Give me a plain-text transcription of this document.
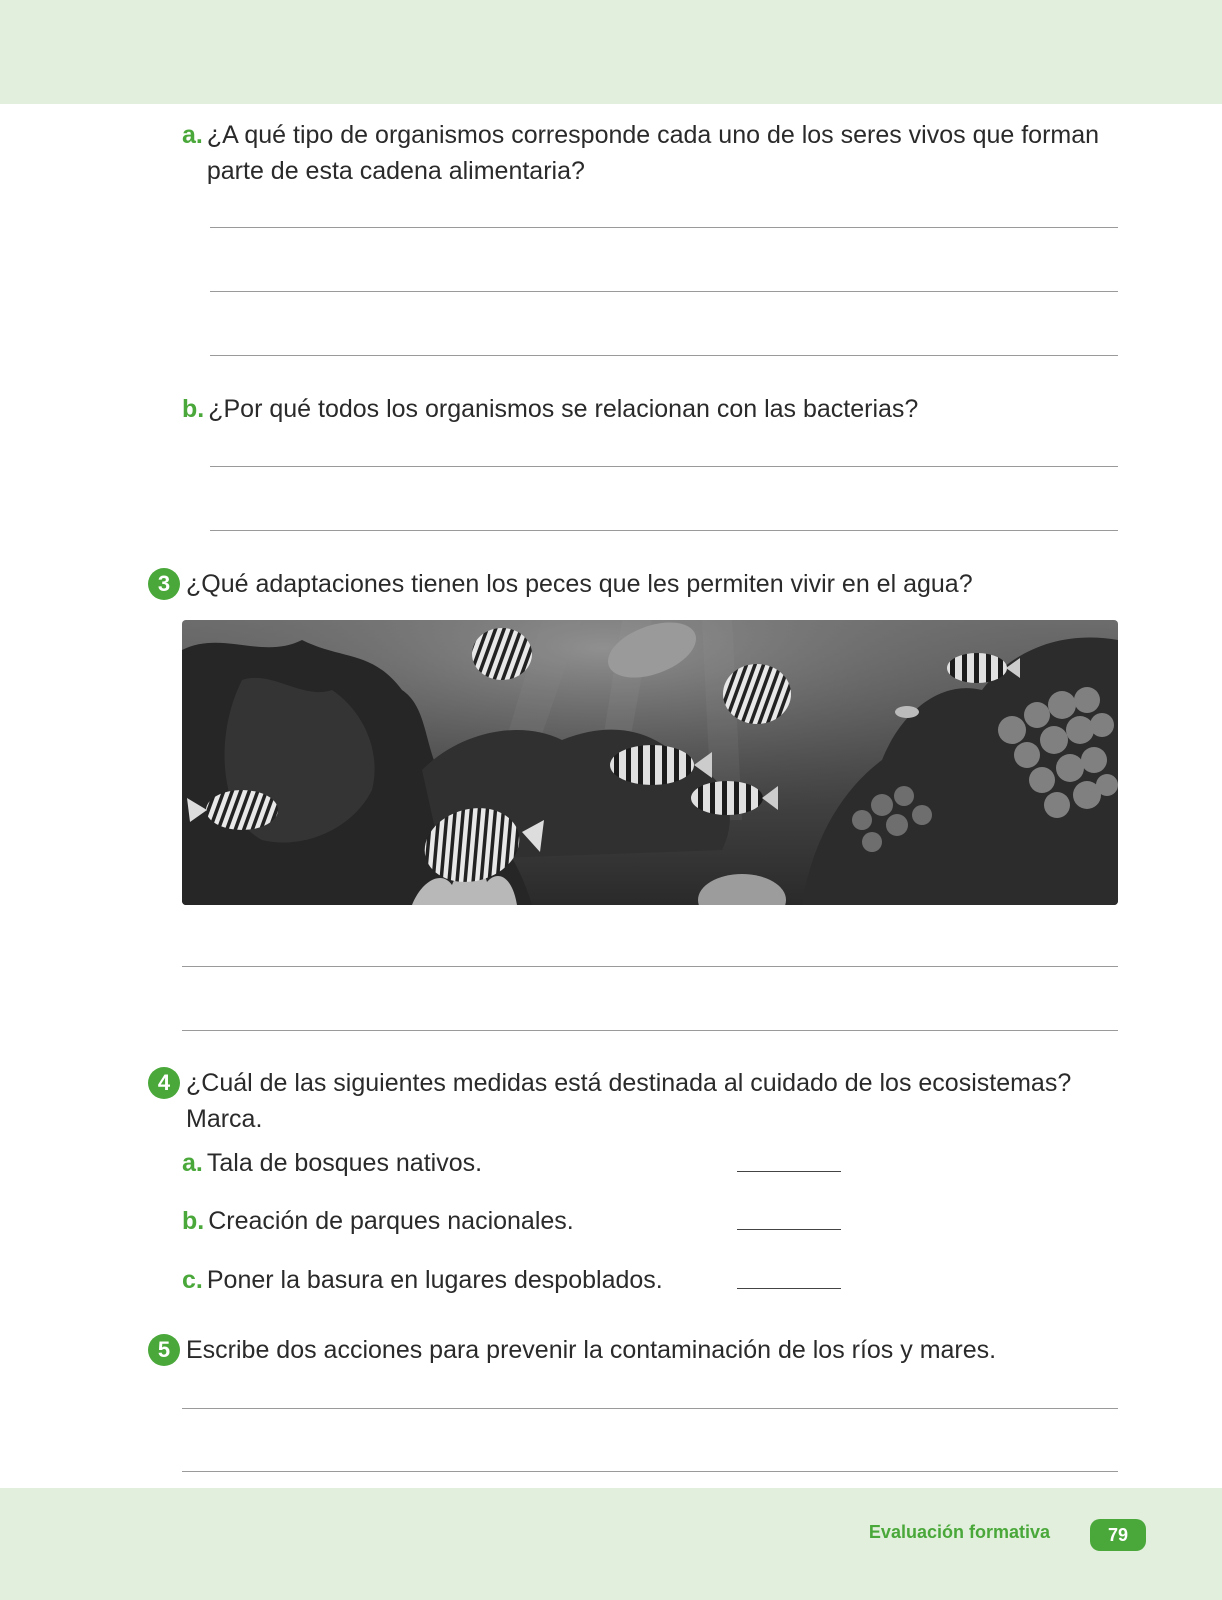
a. ¿A qué tipo de organismos corresponde cada uno de los seres vivos que forman parte de esta cadena alimentaria?
b. ¿Por qué todos los organismos se relacionan con las bacterias?
3 ¿Qué adaptaciones tienen los peces que les permiten vivir en el agua?
4 ¿Cuál de las siguientes medidas está destinada al cuidado de los ecosistemas? Marca.
a. Tala de bosques nativos.
b. Creación de parques nacionales.
c. Poner la basura en lugares despoblados.
5 Escribe dos acciones para prevenir la contaminación de los ríos y mares.
Evaluación formativa	79
